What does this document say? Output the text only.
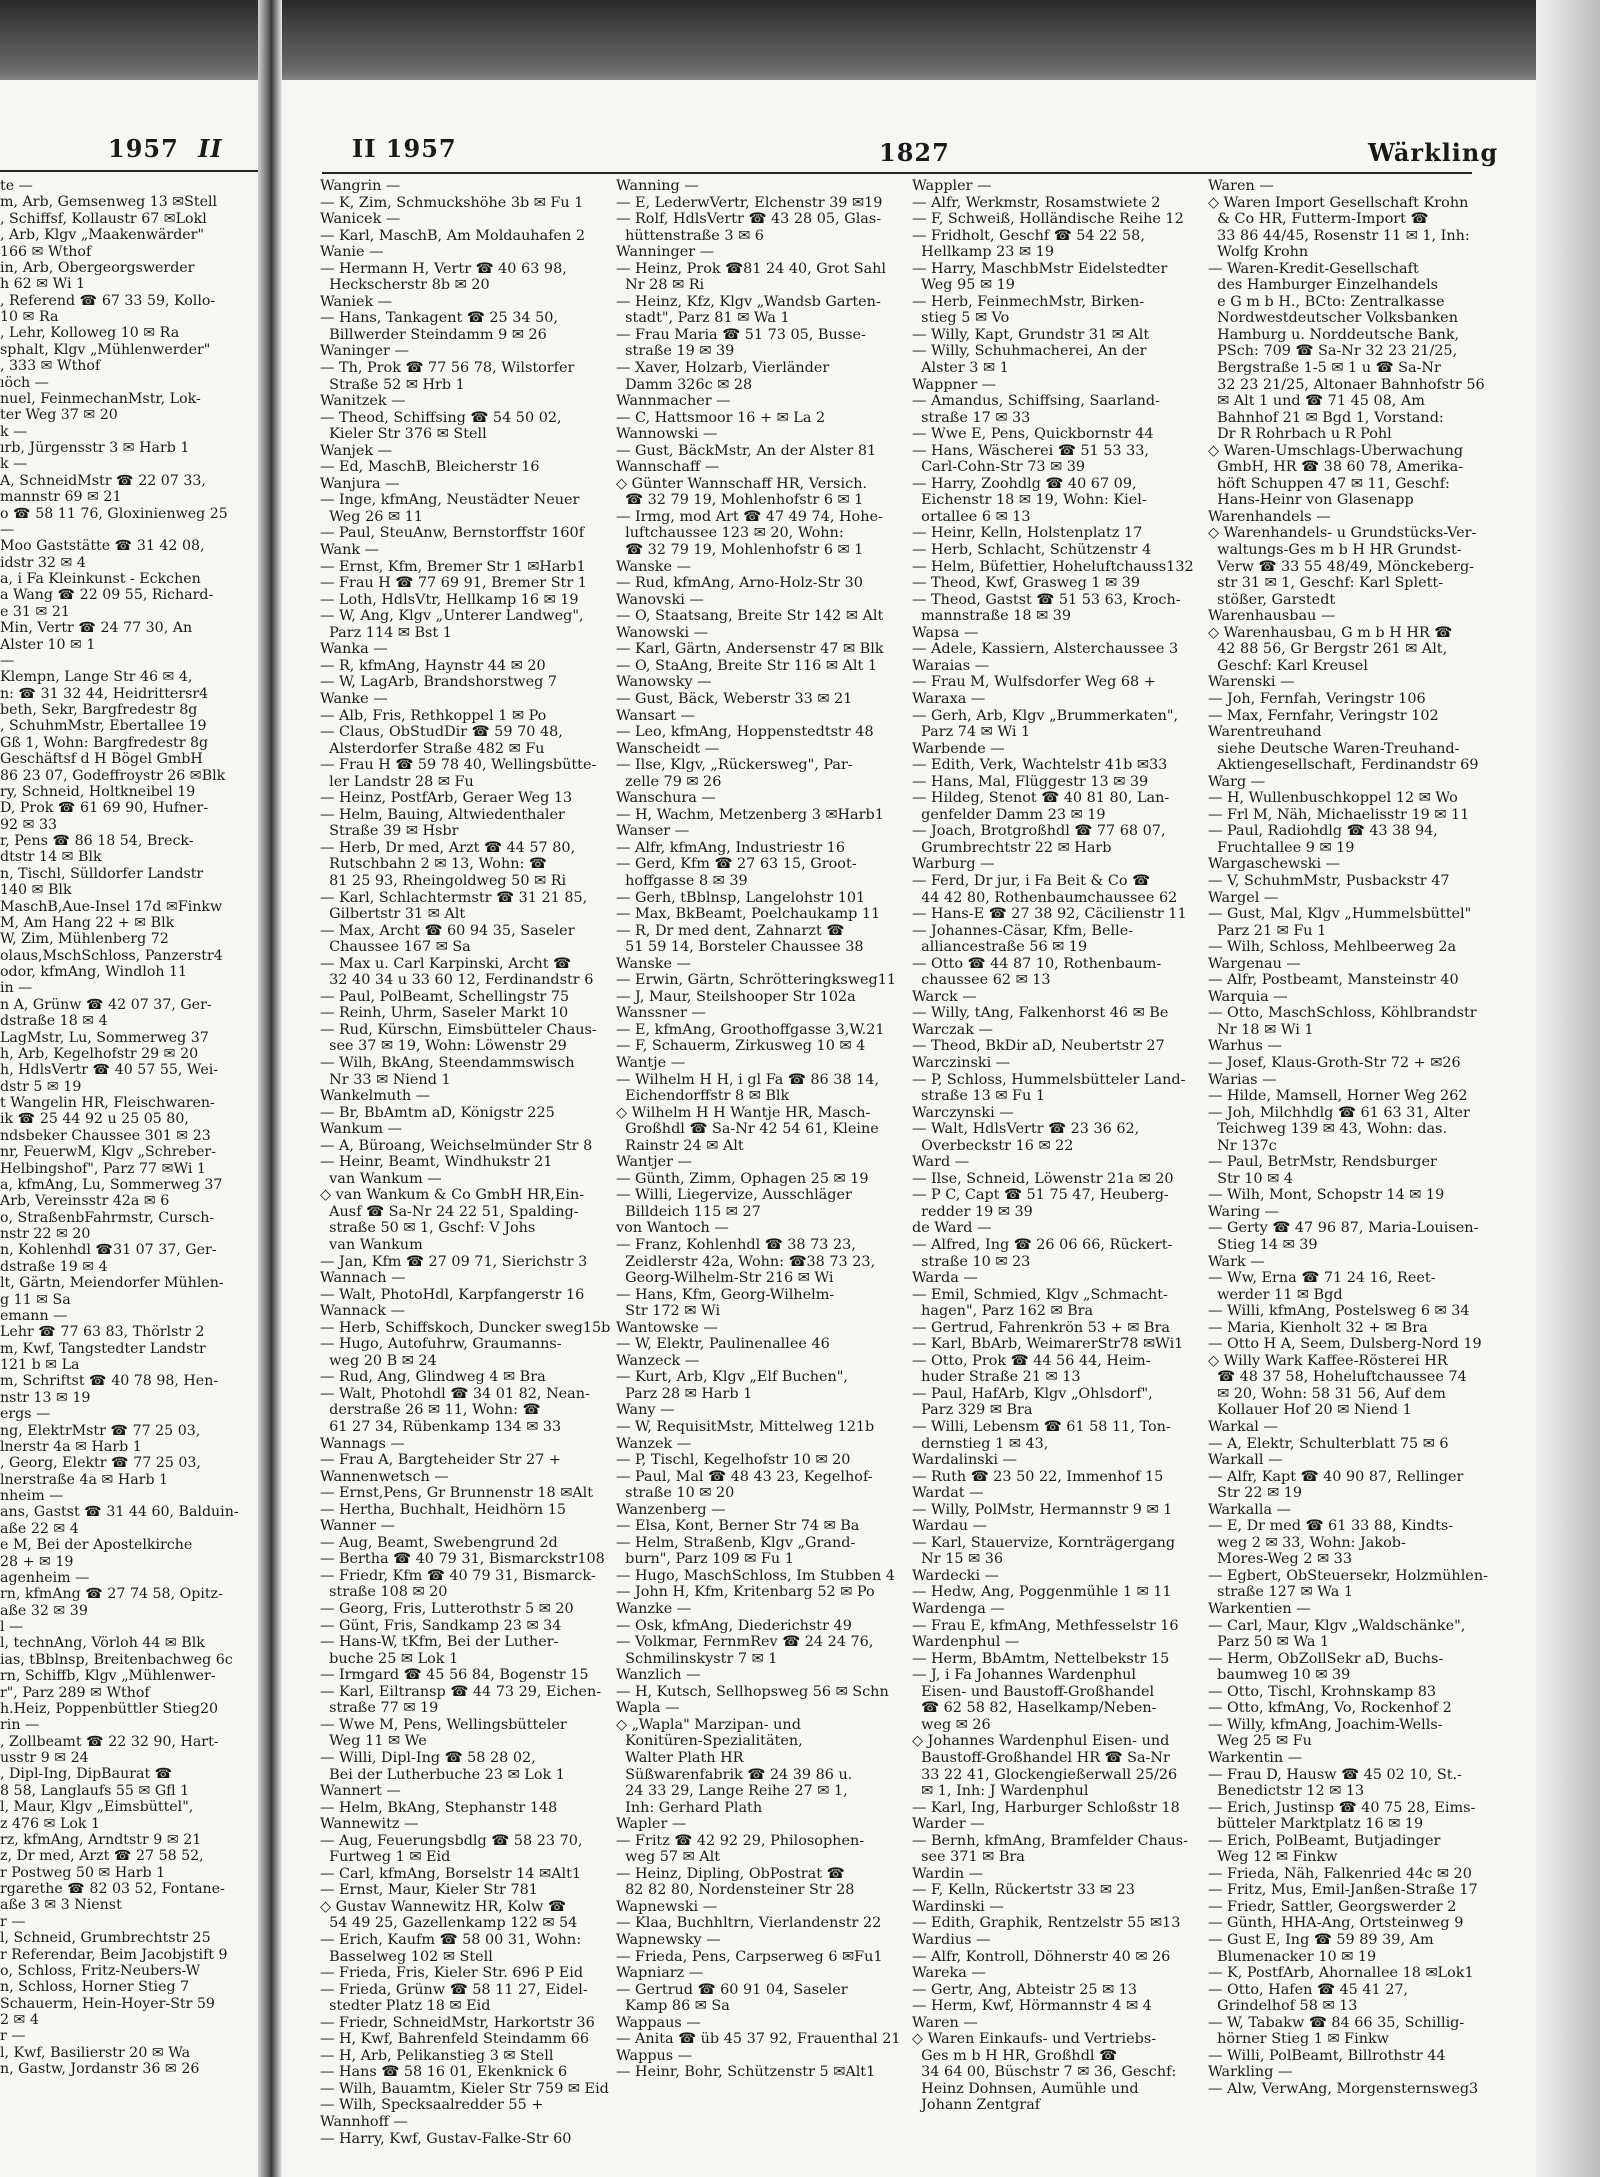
1957 II
te —
m, Arb, Gemsenweg 13 ✉Stell
, Schiffsf, Kollaustr 67 ✉Lokl
, Arb, Klgv „Maakenwärder"
166 ✉ Wthof
in, Arb, Obergeorgswerder
h 62 ✉ Wi 1
, Referend ☎ 67 33 59, Kollo-
10 ✉ Ra
, Lehr, Kolloweg 10 ✉ Ra
sphalt, Klgv „Mühlenwerder"
, 333 ✉ Wthof
ıöch —
nuel, FeinmechanMstr, Lok-
ter Weg 37 ✉ 20
k —
ırb, Jürgensstr 3 ✉ Harb 1
k —
A, SchneidMstr ☎ 22 07 33,
mannstr 69 ✉ 21
o ☎ 58 11 76, Gloxinienweg 25
—
Moo Gaststätte ☎ 31 42 08,
idstr 32 ✉ 4
a, i Fa Kleinkunst - Eckchen
a Wang ☎ 22 09 55, Richard-
e 31 ✉ 21
Min, Vertr ☎ 24 77 30, An
Alster 10 ✉ 1
—
Klempn, Lange Str 46 ✉ 4,
n: ☎ 31 32 44, Heidrittersr4
beth, Sekr, Bargfredestr 8g
, SchuhmMstr, Ebertallee 19
Gß 1, Wohn: Bargfredestr 8g
Geschäftsf d H Bögel GmbH
86 23 07, Godeffroystr 26 ✉Blk
ry, Schneid, Holtkneibel 19
D, Prok ☎ 61 69 90, Hufner-
92 ✉ 33
r, Pens ☎ 86 18 54, Breck-
dtstr 14 ✉ Blk
n, Tischl, Sülldorfer Landstr
140 ✉ Blk
MaschB,Aue-Insel 17d ✉Finkw
M, Am Hang 22 + ✉ Blk
W, Zim, Mühlenberg 72
olaus,MschSchloss, Panzerstr4
odor, kfmAng, Windloh 11
in —
n A, Grünw ☎ 42 07 37, Ger-
dstraße 18 ✉ 4
LagMstr, Lu, Sommerweg 37
h, Arb, Kegelhofstr 29 ✉ 20
h, HdlsVertr ☎ 40 57 55, Wei-
dstr 5 ✉ 19
t Wangelin HR, Fleischwaren-
ik ☎ 25 44 92 u 25 05 80,
ndsbeker Chaussee 301 ✉ 23
nr, FeuerwM, Klgv „Schreber-
Helbingshof", Parz 77 ✉Wi 1
a, kfmAng, Lu, Sommerweg 37
Arb, Vereinsstr 42a ✉ 6
o, StraßenbFahrmstr, Cursch-
nstr 22 ✉ 20
n, Kohlenhdl ☎31 07 37, Ger-
dstraße 19 ✉ 4
lt, Gärtn, Meiendorfer Mühlen-
g 11 ✉ Sa
emann —
Lehr ☎ 77 63 83, Thörlstr 2
m, Kwf, Tangstedter Landstr
121 b ✉ La
m, Schriftst ☎ 40 78 98, Hen-
nstr 13 ✉ 19
ergs —
ng, ElektrMstr ☎ 77 25 03,
lnerstr 4a ✉ Harb 1
, Georg, Elektr ☎ 77 25 03,
lnerstraße 4a ✉ Harb 1
nheim —
ans, Gastst ☎ 31 44 60, Balduin-
aße 22 ✉ 4
e M, Bei der Apostelkirche
28 + ✉ 19
agenheim —
rn, kfmAng ☎ 27 74 58, Opitz-
aße 32 ✉ 39
l —
l, technAng, Vörloh 44 ✉ Blk
ias, tBblnsp, Breitenbachweg 6c
rn, Schiffb, Klgv „Mühlenwer-
r", Parz 289 ✉ Wthof
h.Heiz, Poppenbüttler Stieg20
rin —
, Zollbeamt ☎ 22 32 90, Hart-
usstr 9 ✉ 24
, Dipl-Ing, DipBaurat ☎
8 58, Langlaufs 55 ✉ Gfl 1
l, Maur, Klgv „Eimsbüttel",
z 476 ✉ Lok 1
rz, kfmAng, Arndtstr 9 ✉ 21
z, Dr med, Arzt ☎ 27 58 52,
r Postweg 50 ✉ Harb 1
rgarethe ☎ 82 03 52, Fontane-
aße 3 ✉ 3 Nienst
r —
l, Schneid, Grumbrechtstr 25
r Referendar, Beim Jacobjstift 9
o, Schloss, Fritz-Neubers-W
n, Schloss, Horner Stieg 7
Schauerm, Hein-Hoyer-Str 59
2 ✉ 4
r —
l, Kwf, Basilierstr 20 ✉ Wa
n, Gastw, Jordanstr 36 ✉ 26
II 1957	1827	Wärkling
Wangrin —
— K, Zim, Schmuckshöhe 3b ✉ Fu 1
Wanicek —
— Karl, MaschB, Am Moldauhafen 2
Wanie —
— Hermann H, Vertr ☎ 40 63 98,
Heckscherstr 8b ✉ 20
Waniek —
— Hans, Tankagent ☎ 25 34 50,
Billwerder Steindamm 9 ✉ 26
Waninger —
— Th, Prok ☎ 77 56 78, Wilstorfer
Straße 52 ✉ Hrb 1
Wanitzek —
— Theod, Schiffsing ☎ 54 50 02,
Kieler Str 376 ✉ Stell
Wanjek —
— Ed, MaschB, Bleicherstr 16
Wanjura —
— Inge, kfmAng, Neustädter Neuer
Weg 26 ✉ 11
— Paul, SteuAnw, Bernstorffstr 160f
Wank —
— Ernst, Kfm, Bremer Str 1 ✉Harb1
— Frau H ☎ 77 69 91, Bremer Str 1
— Loth, HdlsVtr, Hellkamp 16 ✉ 19
— W, Ang, Klgv „Unterer Landweg",
Parz 114 ✉ Bst 1
Wanka —
— R, kfmAng, Haynstr 44 ✉ 20
— W, LagArb, Brandshorstweg 7
Wanke —
— Alb, Fris, Rethkoppel 1 ✉ Po
— Claus, ObStudDir ☎ 59 70 48,
Alsterdorfer Straße 482 ✉ Fu
— Frau H ☎ 59 78 40, Wellingsbütte-
ler Landstr 28 ✉ Fu
— Heinz, PostfArb, Geraer Weg 13
— Helm, Bauing, Altwiedenthaler
Straße 39 ✉ Hsbr
— Herb, Dr med, Arzt ☎ 44 57 80,
Rutschbahn 2 ✉ 13, Wohn: ☎
81 25 93, Rheingoldweg 50 ✉ Ri
— Karl, Schlachtermstr ☎ 31 21 85,
Gilbertstr 31 ✉ Alt
— Max, Archt ☎ 60 94 35, Saseler
Chaussee 167 ✉ Sa
— Max u. Carl Karpinski, Archt ☎
32 40 34 u 33 60 12, Ferdinandstr 6
— Paul, PolBeamt, Schellingstr 75
— Reinh, Uhrm, Saseler Markt 10
— Rud, Kürschn, Eimsbütteler Chaus-
see 37 ✉ 19, Wohn: Löwenstr 29
— Wilh, BkAng, Steendammswisch
Nr 33 ✉ Niend 1
Wankelmuth —
— Br, BbAmtm aD, Königstr 225
Wankum —
— A, Büroang, Weichselmünder Str 8
— Heinr, Beamt, Windhukstr 21
van Wankum —
◇ van Wankum & Co GmbH HR,Ein-
Ausf ☎ Sa-Nr 24 22 51, Spalding-
straße 50 ✉ 1, Gschf: V Johs
van Wankum
— Jan, Kfm ☎ 27 09 71, Sierichstr 3
Wannach —
— Walt, PhotoHdl, Karpfangerstr 16
Wannack —
— Herb, Schiffskoch, Duncker sweg15b
— Hugo, Autofuhrw, Graumanns-
weg 20 B ✉ 24
— Rud, Ang, Glindweg 4 ✉ Bra
— Walt, Photohdl ☎ 34 01 82, Nean-
derstraße 26 ✉ 11, Wohn: ☎
61 27 34, Rübenkamp 134 ✉ 33
Wannags —
— Frau A, Bargteheider Str 27 +
Wannenwetsch —
— Ernst,Pens, Gr Brunnenstr 18 ✉Alt
— Hertha, Buchhalt, Heidhörn 15
Wanner —
— Aug, Beamt, Swebengrund 2d
— Bertha ☎ 40 79 31, Bismarckstr108
— Friedr, Kfm ☎ 40 79 31, Bismarck-
straße 108 ✉ 20
— Georg, Fris, Lutterothstr 5 ✉ 20
— Günt, Fris, Sandkamp 23 ✉ 34
— Hans-W, tKfm, Bei der Luther-
buche 25 ✉ Lok 1
— Irmgard ☎ 45 56 84, Bogenstr 15
— Karl, Eiltransp ☎ 44 73 29, Eichen-
straße 77 ✉ 19
— Wwe M, Pens, Wellingsbütteler
Weg 11 ✉ We
— Willi, Dipl-Ing ☎ 58 28 02,
Bei der Lutherbuche 23 ✉ Lok 1
Wannert —
— Helm, BkAng, Stephanstr 148
Wannewitz —
— Aug, Feuerungsbdlg ☎ 58 23 70,
Furtweg 1 ✉ Eid
— Carl, kfmAng, Borselstr 14 ✉Alt1
— Ernst, Maur, Kieler Str 781
◇ Gustav Wannewitz HR, Kolw ☎
54 49 25, Gazellenkamp 122 ✉ 54
— Erich, Kaufm ☎ 58 00 31, Wohn:
Basselweg 102 ✉ Stell
— Frieda, Fris, Kieler Str. 696 P Eid
— Frieda, Grünw ☎ 58 11 27, Eidel-
stedter Platz 18 ✉ Eid
— Friedr, SchneidMstr, Harkortstr 36
— H, Kwf, Bahrenfeld Steindamm 66
— H, Arb, Pelikanstieg 3 ✉ Stell
— Hans ☎ 58 16 01, Ekenknick 6
— Wilh, Bauamtm, Kieler Str 759 ✉ Eid
— Wilh, Specksaalredder 55 +
Wannhoff —
— Harry, Kwf, Gustav-Falke-Str 60
Wanning —
— E, LederwVertr, Elchenstr 39 ✉19
— Rolf, HdlsVertr ☎ 43 28 05, Glas-
hüttenstraße 3 ✉ 6
Wanninger —
— Heinz, Prok ☎81 24 40, Grot Sahl
Nr 28 ✉ Ri
— Heinz, Kfz, Klgv „Wandsb Garten-
stadt", Parz 81 ✉ Wa 1
— Frau Maria ☎ 51 73 05, Busse-
straße 19 ✉ 39
— Xaver, Holzarb, Vierländer
Damm 326c ✉ 28
Wannmacher —
— C, Hattsmoor 16 + ✉ La 2
Wannowski —
— Gust, BäckMstr, An der Alster 81
Wannschaff —
◇ Günter Wannschaff HR, Versich.
☎ 32 79 19, Mohlenhofstr 6 ✉ 1
— Irmg, mod Art ☎ 47 49 74, Hohe-
luftchaussee 123 ✉ 20, Wohn:
☎ 32 79 19, Mohlenhofstr 6 ✉ 1
Wanske —
— Rud, kfmAng, Arno-Holz-Str 30
Wanovski —
— O, Staatsang, Breite Str 142 ✉ Alt
Wanowski —
— Karl, Gärtn, Andersenstr 47 ✉ Blk
— O, StaAng, Breite Str 116 ✉ Alt 1
Wanowsky —
— Gust, Bäck, Weberstr 33 ✉ 21
Wansart —
— Leo, kfmAng, Hoppenstedtstr 48
Wanscheidt —
— Ilse, Klgv, „Rückersweg", Par-
zelle 79 ✉ 26
Wanschura —
— H, Wachm, Metzenberg 3 ✉Harb1
Wanser —
— Alfr, kfmAng, Industriestr 16
— Gerd, Kfm ☎ 27 63 15, Groot-
hoffgasse 8 ✉ 39
— Gerh, tBblnsp, Langelohstr 101
— Max, BkBeamt, Poelchaukamp 11
— R, Dr med dent, Zahnarzt ☎
51 59 14, Borsteler Chaussee 38
Wanske —
— Erwin, Gärtn, Schrötteringksweg11
— J, Maur, Steilshooper Str 102a
Wanssner —
— E, kfmAng, Groothoffgasse 3,W.21
— F, Schauerm, Zirkusweg 10 ✉ 4
Wantje —
— Wilhelm H H, i gl Fa ☎ 86 38 14,
Eichendorffstr 8 ✉ Blk
◇ Wilhelm H H Wantje HR, Masch-
Großhdl ☎ Sa-Nr 42 54 61, Kleine
Rainstr 24 ✉ Alt
Wantjer —
— Günth, Zimm, Ophagen 25 ✉ 19
— Willi, Liegervize, Ausschläger
Billdeich 115 ✉ 27
von Wantoch —
— Franz, Kohlenhdl ☎ 38 73 23,
Zeidlerstr 42a, Wohn: ☎38 73 23,
Georg-Wilhelm-Str 216 ✉ Wi
— Hans, Kfm, Georg-Wilhelm-
Str 172 ✉ Wi
Wantowske —
— W, Elektr, Paulinenallee 46
Wanzeck —
— Kurt, Arb, Klgv „Elf Buchen",
Parz 28 ✉ Harb 1
Wany —
— W, RequisitMstr, Mittelweg 121b
Wanzek —
— P, Tischl, Kegelhofstr 10 ✉ 20
— Paul, Mal ☎ 48 43 23, Kegelhof-
straße 10 ✉ 20
Wanzenberg —
— Elsa, Kont, Berner Str 74 ✉ Ba
— Helm, Straßenb, Klgv „Grand-
burn", Parz 109 ✉ Fu 1
— Hugo, MaschSchloss, Im Stubben 4
— John H, Kfm, Kritenbarg 52 ✉ Po
Wanzke —
— Osk, kfmAng, Diederichstr 49
— Volkmar, FernmRev ☎ 24 24 76,
Schmilinskystr 7 ✉ 1
Wanzlich —
— H, Kutsch, Sellhopsweg 56 ✉ Schn
Wapla —
◇ „Wapla" Marzipan- und
Konitüren-Spezialitäten,
Walter Plath HR
Süßwarenfabrik ☎ 24 39 86 u.
24 33 29, Lange Reihe 27 ✉ 1,
Inh: Gerhard Plath
Wapler —
— Fritz ☎ 42 92 29, Philosophen-
weg 57 ✉ Alt
— Heinz, Dipling, ObPostrat ☎
82 82 80, Nordensteiner Str 28
Wapnewski —
— Klaa, Buchhltrn, Vierlandenstr 22
Wapnewsky —
— Frieda, Pens, Carpserweg 6 ✉Fu1
Wapniarz —
— Gertrud ☎ 60 91 04, Saseler
Kamp 86 ✉ Sa
Wappaus —
— Anita ☎ üb 45 37 92, Frauenthal 21
Wappus —
— Heinr, Bohr, Schützenstr 5 ✉Alt1
Wappler —
— Alfr, Werkmstr, Rosamstwiete 2
— F, Schweiß, Holländische Reihe 12
— Fridholt, Geschf ☎ 54 22 58,
Hellkamp 23 ✉ 19
— Harry, MaschbMstr Eidelstedter
Weg 95 ✉ 19
— Herb, FeinmechMstr, Birken-
stieg 5 ✉ Vo
— Willy, Kapt, Grundstr 31 ✉ Alt
— Willy, Schuhmacherei, An der
Alster 3 ✉ 1
Wappner —
— Amandus, Schiffsing, Saarland-
straße 17 ✉ 33
— Wwe E, Pens, Quickbornstr 44
— Hans, Wäscherei ☎ 51 53 33,
Carl-Cohn-Str 73 ✉ 39
— Harry, Zoohdlg ☎ 40 67 09,
Eichenstr 18 ✉ 19, Wohn: Kiel-
ortallee 6 ✉ 13
— Heinr, Kelln, Holstenplatz 17
— Herb, Schlacht, Schützenstr 4
— Helm, Büfettier, Hoheluftchauss132
— Theod, Kwf, Grasweg 1 ✉ 39
— Theod, Gastst ☎ 51 53 63, Kroch-
mannstraße 18 ✉ 39
Wapsa —
— Adele, Kassiern, Alsterchaussee 3
Waraias —
— Frau M, Wulfsdorfer Weg 68 +
Waraxa —
— Gerh, Arb, Klgv „Brummerkaten",
Parz 74 ✉ Wi 1
Warbende —
— Edith, Verk, Wachtelstr 41b ✉33
— Hans, Mal, Flüggestr 13 ✉ 39
— Hildeg, Stenot ☎ 40 81 80, Lan-
genfelder Damm 23 ✉ 19
— Joach, Brotgroßhdl ☎ 77 68 07,
Grumbrechtstr 22 ✉ Harb
Warburg —
— Ferd, Dr jur, i Fa Beit & Co ☎
44 42 80, Rothenbaumchaussee 62
— Hans-E ☎ 27 38 92, Cäcilienstr 11
— Johannes-Cäsar, Kfm, Belle-
alliancestraße 56 ✉ 19
— Otto ☎ 44 87 10, Rothenbaum-
chaussee 62 ✉ 13
Warck —
— Willy, tAng, Falkenhorst 46 ✉ Be
Warczak —
— Theod, BkDir aD, Neubertstr 27
Warczinski —
— P, Schloss, Hummelsbütteler Land-
straße 13 ✉ Fu 1
Warczynski —
— Walt, HdlsVertr ☎ 23 36 62,
Overbeckstr 16 ✉ 22
Ward —
— Ilse, Schneid, Löwenstr 21a ✉ 20
— P C, Capt ☎ 51 75 47, Heuberg-
redder 19 ✉ 39
de Ward —
— Alfred, Ing ☎ 26 06 66, Rückert-
straße 10 ✉ 23
Warda —
— Emil, Schmied, Klgv „Schmacht-
hagen", Parz 162 ✉ Bra
— Gertrud, Fahrenkrön 53 + ✉ Bra
— Karl, BbArb, WeimarerStr78 ✉Wi1
— Otto, Prok ☎ 44 56 44, Heim-
huder Straße 21 ✉ 13
— Paul, HafArb, Klgv „Ohlsdorf",
Parz 329 ✉ Bra
— Willi, Lebensm ☎ 61 58 11, Ton-
dernstieg 1 ✉ 43,
Wardalinski —
— Ruth ☎ 23 50 22, Immenhof 15
Wardat —
— Willy, PolMstr, Hermannstr 9 ✉ 1
Wardau —
— Karl, Stauervize, Kornträgergang
Nr 15 ✉ 36
Wardecki —
— Hedw, Ang, Poggenmühle 1 ✉ 11
Wardenga —
— Frau E, kfmAng, Methfesselstr 16
Wardenphul —
— Herm, BbAmtm, Nettelbekstr 15
— J, i Fa Johannes Wardenphul
Eisen- und Baustoff-Großhandel
☎ 62 58 82, Haselkamp/Neben-
weg ✉ 26
◇ Johannes Wardenphul Eisen- und
Baustoff-Großhandel HR ☎ Sa-Nr
33 22 41, Glockengießerwall 25/26
✉ 1, Inh: J Wardenphul
— Karl, Ing, Harburger Schloßstr 18
Warder —
— Bernh, kfmAng, Bramfelder Chaus-
see 371 ✉ Bra
Wardin —
— F, Kelln, Rückertstr 33 ✉ 23
Wardinski —
— Edith, Graphik, Rentzelstr 55 ✉13
Wardius —
— Alfr, Kontroll, Döhnerstr 40 ✉ 26
Wareka —
— Gertr, Ang, Abteistr 25 ✉ 13
— Herm, Kwf, Hörmannstr 4 ✉ 4
Waren —
◇ Waren Einkaufs- und Vertriebs-
Ges m b H HR, Großhdl ☎
34 64 00, Büschstr 7 ✉ 36, Geschf:
Heinz Dohnsen, Aumühle und
Johann Zentgraf
Waren —
◇ Waren Import Gesellschaft Krohn
& Co HR, Futterm-Import ☎
33 86 44/45, Rosenstr 11 ✉ 1, Inh:
Wolfg Krohn
— Waren-Kredit-Gesellschaft
des Hamburger Einzelhandels
e G m b H., BCto: Zentralkasse
Nordwestdeutscher Volksbanken
Hamburg u. Norddeutsche Bank,
PSch: 709 ☎ Sa-Nr 32 23 21/25,
Bergstraße 1-5 ✉ 1 u ☎ Sa-Nr
32 23 21/25, Altonaer Bahnhofstr 56
✉ Alt 1 und ☎ 71 45 08, Am
Bahnhof 21 ✉ Bgd 1, Vorstand:
Dr R Rohrbach u R Pohl
◇ Waren-Umschlags-Überwachung
GmbH, HR ☎ 38 60 78, Amerika-
höft Schuppen 47 ✉ 11, Geschf:
Hans-Heinr von Glasenapp
Warenhandels —
◇ Warenhandels- u Grundstücks-Ver-
waltungs-Ges m b H HR Grundst-
Verw ☎ 33 55 48/49, Mönckeberg-
str 31 ✉ 1, Geschf: Karl Splett-
stößer, Garstedt
Warenhausbau —
◇ Warenhausbau, G m b H HR ☎
42 88 56, Gr Bergstr 261 ✉ Alt,
Geschf: Karl Kreusel
Warenski —
— Joh, Fernfah, Veringstr 106
— Max, Fernfahr, Veringstr 102
Warentreuhand
siehe Deutsche Waren-Treuhand-
Aktiengesellschaft, Ferdinandstr 69
Warg —
— H, Wullenbuschkoppel 12 ✉ Wo
— Frl M, Näh, Michaelisstr 19 ✉ 11
— Paul, Radiohdlg ☎ 43 38 94,
Fruchtallee 9 ✉ 19
Wargaschewski —
— V, SchuhmMstr, Pusbackstr 47
Wargel —
— Gust, Mal, Klgv „Hummelsbüttel"
Parz 21 ✉ Fu 1
— Wilh, Schloss, Mehlbeerweg 2a
Wargenau —
— Alfr, Postbeamt, Mansteinstr 40
Warquia —
— Otto, MaschSchloss, Köhlbrandstr
Nr 18 ✉ Wi 1
Warhus —
— Josef, Klaus-Groth-Str 72 + ✉26
Warias —
— Hilde, Mamsell, Horner Weg 262
— Joh, Milchhdlg ☎ 61 63 31, Alter
Teichweg 139 ✉ 43, Wohn: das.
Nr 137c
— Paul, BetrMstr, Rendsburger
Str 10 ✉ 4
— Wilh, Mont, Schopstr 14 ✉ 19
Waring —
— Gerty ☎ 47 96 87, Maria-Louisen-
Stieg 14 ✉ 39
Wark —
— Ww, Erna ☎ 71 24 16, Reet-
werder 11 ✉ Bgd
— Willi, kfmAng, Postelsweg 6 ✉ 34
— Maria, Kienholt 32 + ✉ Bra
— Otto H A, Seem, Dulsberg-Nord 19
◇ Willy Wark Kaffee-Rösterei HR
☎ 48 37 58, Hoheluftchaussee 74
✉ 20, Wohn: 58 31 56, Auf dem
Kollauer Hof 20 ✉ Niend 1
Warkal —
— A, Elektr, Schulterblatt 75 ✉ 6
Warkall —
— Alfr, Kapt ☎ 40 90 87, Rellinger
Str 22 ✉ 19
Warkalla —
— E, Dr med ☎ 61 33 88, Kindts-
weg 2 ✉ 33, Wohn: Jakob-
Mores-Weg 2 ✉ 33
— Egbert, ObSteuersekr, Holzmühlen-
straße 127 ✉ Wa 1
Warkentien —
— Carl, Maur, Klgv „Waldschänke",
Parz 50 ✉ Wa 1
— Herm, ObZollSekr aD, Buchs-
baumweg 10 ✉ 39
— Otto, Tischl, Krohnskamp 83
— Otto, kfmAng, Vo, Rockenhof 2
— Willy, kfmAng, Joachim-Wells-
Weg 25 ✉ Fu
Warkentin —
— Frau D, Hausw ☎ 45 02 10, St.-
Benedictstr 12 ✉ 13
— Erich, Justinsp ☎ 40 75 28, Eims-
bütteler Marktplatz 16 ✉ 19
— Erich, PolBeamt, Butjadinger
Weg 12 ✉ Finkw
— Frieda, Näh, Falkenried 44c ✉ 20
— Fritz, Mus, Emil-Janßen-Straße 17
— Friedr, Sattler, Georgswerder 2
— Günth, HHA-Ang, Ortsteinweg 9
— Gust E, Ing ☎ 59 89 39, Am
Blumenacker 10 ✉ 19
— K, PostfArb, Ahornallee 18 ✉Lok1
— Otto, Hafen ☎ 45 41 27,
Grindelhof 58 ✉ 13
— W, Tabakw ☎ 84 66 35, Schillig-
hörner Stieg 1 ✉ Finkw
— Willi, PolBeamt, Billrothstr 44
Warkling —
— Alw, VerwAng, Morgensternsweg3
